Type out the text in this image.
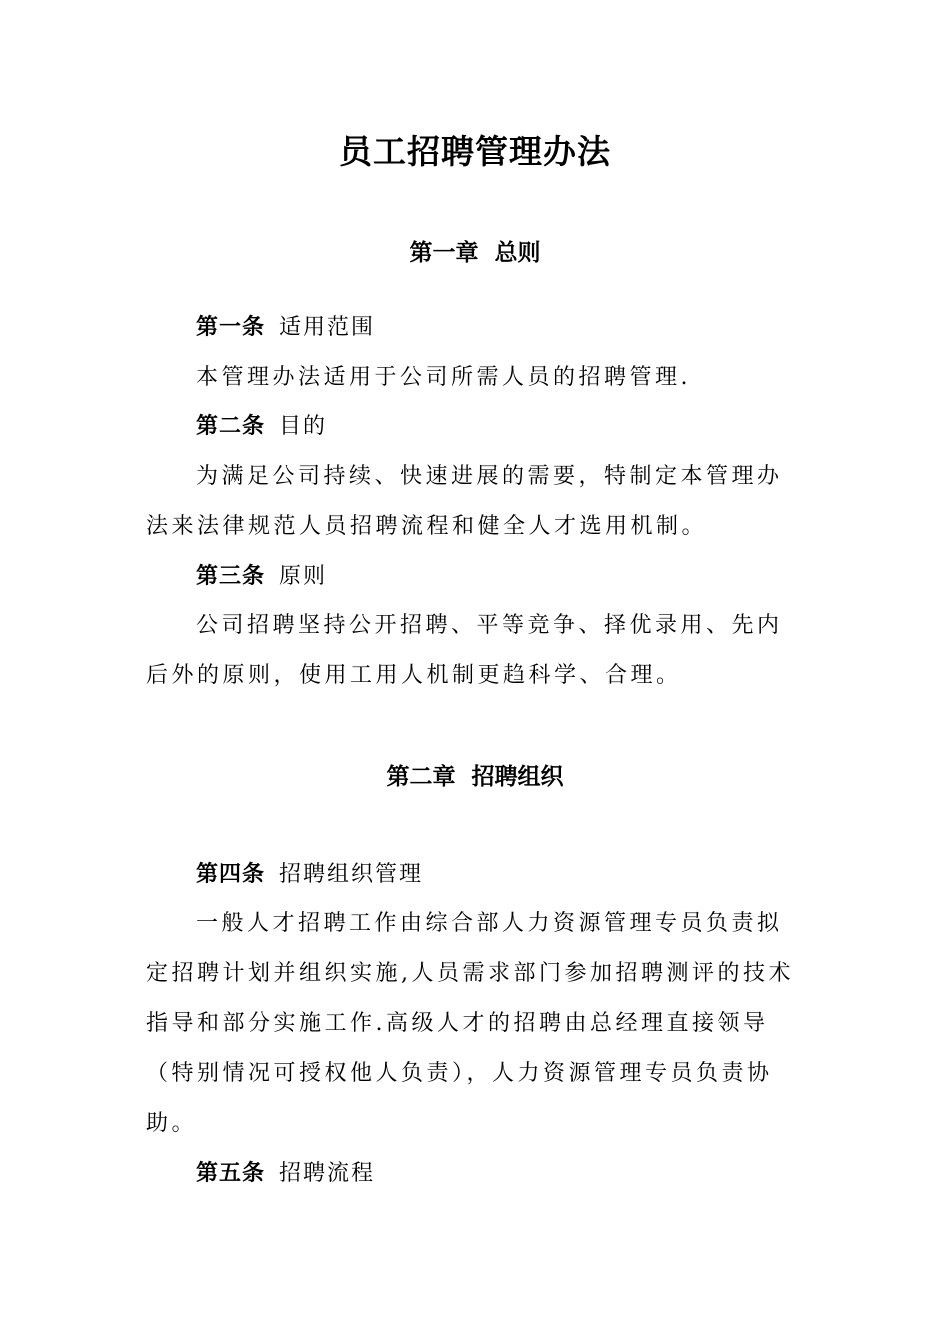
员工招聘管理办法
第一章  总则

第一条 适用范围

本管理办法适用于公司所需人员的招聘管理.

第二条 目的

为满足公司持续、快速进展的需要，特制定本管理办

法来法律规范人员招聘流程和健全人才选用机制。

第三条 原则

公司招聘坚持公开招聘、平等竞争、择优录用、先内

后外的原则，使用工用人机制更趋科学、合理。

第二章  招聘组织

第四条 招聘组织管理

一般人才招聘工作由综合部人力资源管理专员负责拟

定招聘计划并组织实施,人员需求部门参加招聘测评的技术

指导和部分实施工作.高级人才的招聘由总经理直接领导

（特别情况可授权他人负责），人力资源管理专员负责协

助。

第五条 招聘流程
